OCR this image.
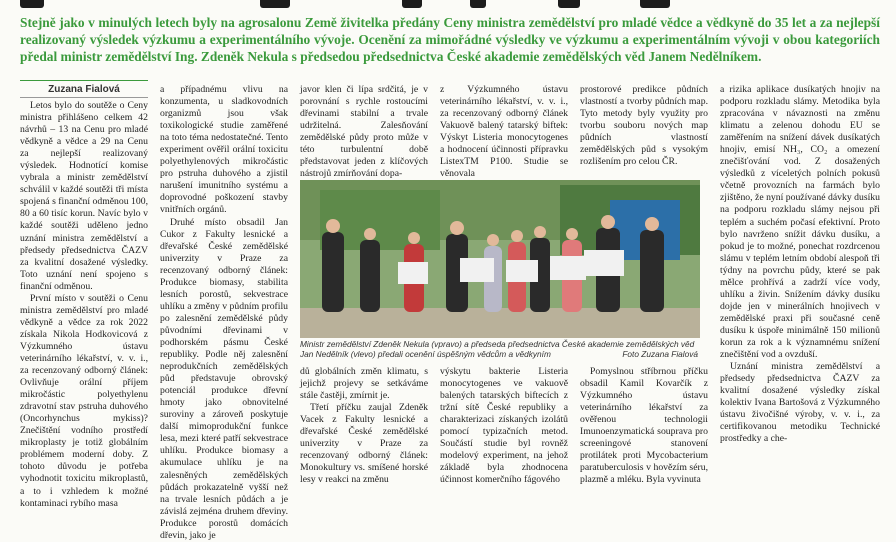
Stejně jako v minulých letech byly na agrosalonu Země živitelka předány Ceny ministra zemědělství pro mladé vědce a vědkyně do 35 let a za nejlepší realizovaný výsledek výzkumu a experimentálního vývoje. Ocenění za mimořádné výsledky ve výzkumu a experimentálním vývoji v obou kategoriích předal ministr zemědělství Ing. Zdeněk Nekula s předsedou předsednictva České akademie zemědělských věd Janem Nedělníkem.
Zuzana Fialová

Letos bylo do soutěže o Ceny ministra přihlášeno celkem 42 návrhů – 13 na Cenu pro mladé vědkyně a vědce a 29 na Cenu za nejlepší realizovaný výsledek. Hodnotící komise vybrala a ministr zemědělství schválil v každé soutěži tři místa spojená s finanční odměnou 100, 80 a 60 tisíc korun. Navíc bylo v každé soutěži uděleno jedno uznání ministra zemědělství a předsedy předsednictva ČAZV za kvalitní dosažené výsledky. Toto uznání není spojeno s finanční odměnou.

První místo v soutěži o Cenu ministra zemědělství pro mladé vědkyně a vědce za rok 2022 získala Nikola Hodkovicová z Výzkumného ústavu veterinárního lékařství, v. v. i., za recenzovaný odborný článek: Ovlivňuje orální příjem mikročástic polyethylenu zdravotní stav pstruha duhového (Oncorhynchus mykiss)? Znečištění vodního prostředí mikroplasty je totiž globálním problémem moderní doby. Z tohoto důvodu je potřeba vyhodnotit toxicitu mikroplastů, a to i vzhledem k možné kontaminaci rybího masa

a případnému vlivu na konzumenta, u sladkovodních organizmů jsou však toxikologické studie zaměřené na toto téma nedostatečné. Tento experiment ověřil orální toxicitu polyethylenových mikročástic pro pstruha duhového a zjistil narušení imunitního systému a doprovodné poškození stavby vnitřních orgánů.

Druhé místo obsadil Jan Cukor z Fakulty lesnické a dřevařské České zemědělské univerzity v Praze za recenzovaný odborný článek: Produkce biomasy, stabilita lesních porostů, sekvestrace uhlíku a změny v půdním profilu po zalesnění zemědělské půdy původními dřevinami v podhorském pásmu České republiky. Podle něj zalesnění neprodukčních zemědělských půd představuje obrovský potenciál produkce dřevní hmoty jako obnovitelné suroviny a zároveň poskytuje další mimoprodukční funkce lesa, mezi které patří sekvestrace uhlíku. Produkce biomasy a akumulace uhlíku je na zalesněných zemědělských půdách prokazatelně vyšší než na trvale lesních půdách a je závislá zejména druhem dřeviny. Produkce porostů domácích dřevin, jako je

javor klen či lípa srdčitá, je v porovnání s rychle rostoucími dřevinami stabilní a trvale udržitelná. Zalesňování zemědělské půdy proto může v této turbulentní době představovat jeden z klíčových nástrojů zmírňování dopa-

z Výzkumného ústavu veterinárního lékařství, v. v. i., za recenzovaný odborný článek Vakuově balený tatarský biftek: Výskyt Listeria monocytogenes a hodnocení účinnosti přípravku ListexTM P100. Studie se věnovala

prostorové predikce půdních vlastností a tvorby půdních map. Tyto metody byly využity pro tvorbu souboru nových map půdních vlastností zemědělských půd s vysokým rozlišením pro celou ČR.

Ministr zemědělství Zdeněk Nekula (vpravo) a předseda předsednictva České akademie zemědělských věd Jan Nedělník (vlevo) předali ocenění úspěšným vědcům a vědkyním	Foto Zuzana Fialová

dů globálních změn klimatu, s jejichž projevy se setkáváme stále častěji, zmírnit je.

Třetí příčku zaujal Zdeněk Vacek z Fakulty lesnické a dřevařské České zemědělské univerzity v Praze za recenzovaný odborný článek: Monokultury vs. smíšené horské lesy v reakci na změnu

výskytu bakterie Listeria monocytogenes ve vakuově balených tatarských biftecích z tržní sítě České republiky a charakterizaci získaných izolátů pomocí typizačních metod. Součástí studie byl rovněž modelový experiment, na jehož základě byla zhodnocena účinnost komerčního fágového

Pomyslnou stříbrnou příčku obsadil Kamil Kovarčík z Výzkumného ústavu veterinárního lékařství za ověřenou technologii Imunoenzymatická souprava pro screeningové stanovení protilátek proti Mycobacterium paratuberculosis v hovězím séru, plazmě a mléku. Byla vyvinuta

a rizika aplikace dusíkatých hnojiv na podporu rozkladu slámy. Metodika byla zpracována v návaznosti na změnu klimatu a zelenou dohodu EU se zaměřením na snížení dávek dusíkatých hnojiv, emisí NH₃, CO₂ a omezení znečišťování vod. Z dosažených výsledků z víceletých polních pokusů včetně provozních na farmách bylo zjištěno, že nyní používané dávky dusíku na podporu rozkladu slámy nejsou při teplém a suchém počasí efektivní. Proto bylo navrženo snížit dávku dusíku, a pokud je to možné, ponechat rozdrcenou slámu v teplém letním období alespoň tři týdny na povrchu půdy, které se pak mělce prohřívá a zadrží více vody, uhlíku a živin. Snížením dávky dusíku dojde jen v minerálních hnojivech v zemědělské praxi při současné ceně dusíku k úspoře minimálně 150 milionů korun za rok a k významnému snížení znečištění vod a ovzduší.

Uznání ministra zemědělství a předsedy předsednictva ČAZV za kvalitní dosažené výsledky získal kolektiv Ivana Bartošová z Výzkumného ústavu živočišné výroby, v. v. i., za certifikovanou metodiku Technické prostředky a che-
